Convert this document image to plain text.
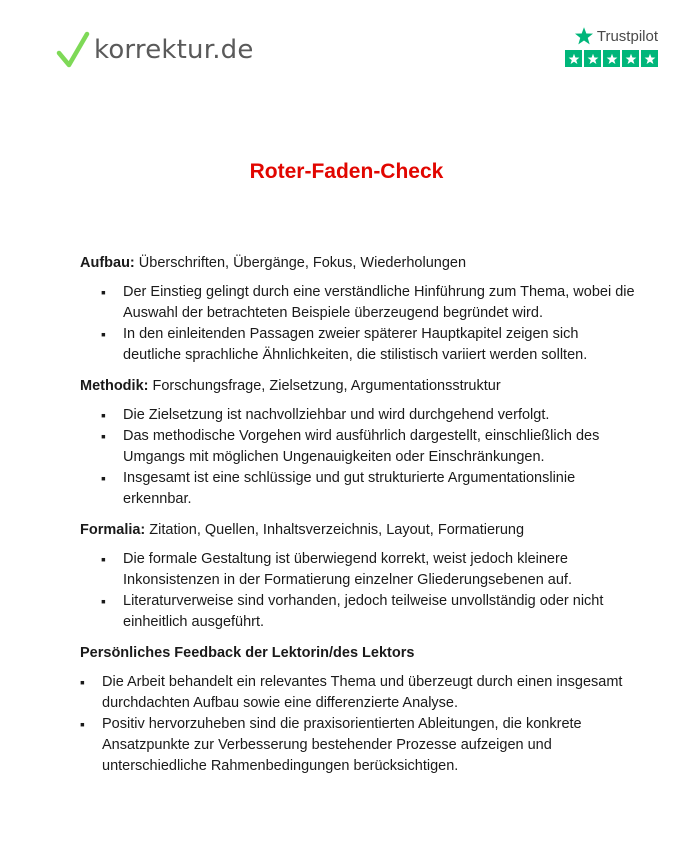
korrektur.de	Trustpilot
Roter-Faden-Check
Aufbau: Überschriften, Übergänge, Fokus, Wiederholungen
▪ Der Einstieg gelingt durch eine verständliche Hinführung zum Thema, wobei die Auswahl der betrachteten Beispiele überzeugend begründet wird.
▪ In den einleitenden Passagen zweier späterer Hauptkapitel zeigen sich deutliche sprachliche Ähnlichkeiten, die stilistisch variiert werden sollten.
Methodik: Forschungsfrage, Zielsetzung, Argumentationsstruktur
▪ Die Zielsetzung ist nachvollziehbar und wird durchgehend verfolgt.
▪ Das methodische Vorgehen wird ausführlich dargestellt, einschließlich des Umgangs mit möglichen Ungenauigkeiten oder Einschränkungen.
▪ Insgesamt ist eine schlüssige und gut strukturierte Argumentationslinie erkennbar.
Formalia: Zitation, Quellen, Inhaltsverzeichnis, Layout, Formatierung
▪ Die formale Gestaltung ist überwiegend korrekt, weist jedoch kleinere Inkonsistenzen in der Formatierung einzelner Gliederungsebenen auf.
▪ Literaturverweise sind vorhanden, jedoch teilweise unvollständig oder nicht einheitlich ausgeführt.
Persönliches Feedback der Lektorin/des Lektors
▪ Die Arbeit behandelt ein relevantes Thema und überzeugt durch einen insgesamt durchdachten Aufbau sowie eine differenzierte Analyse.
▪ Positiv hervorzuheben sind die praxisorientierten Ableitungen, die konkrete Ansatzpunkte zur Verbesserung bestehender Prozesse aufzeigen und unterschiedliche Rahmenbedingungen berücksichtigen.
